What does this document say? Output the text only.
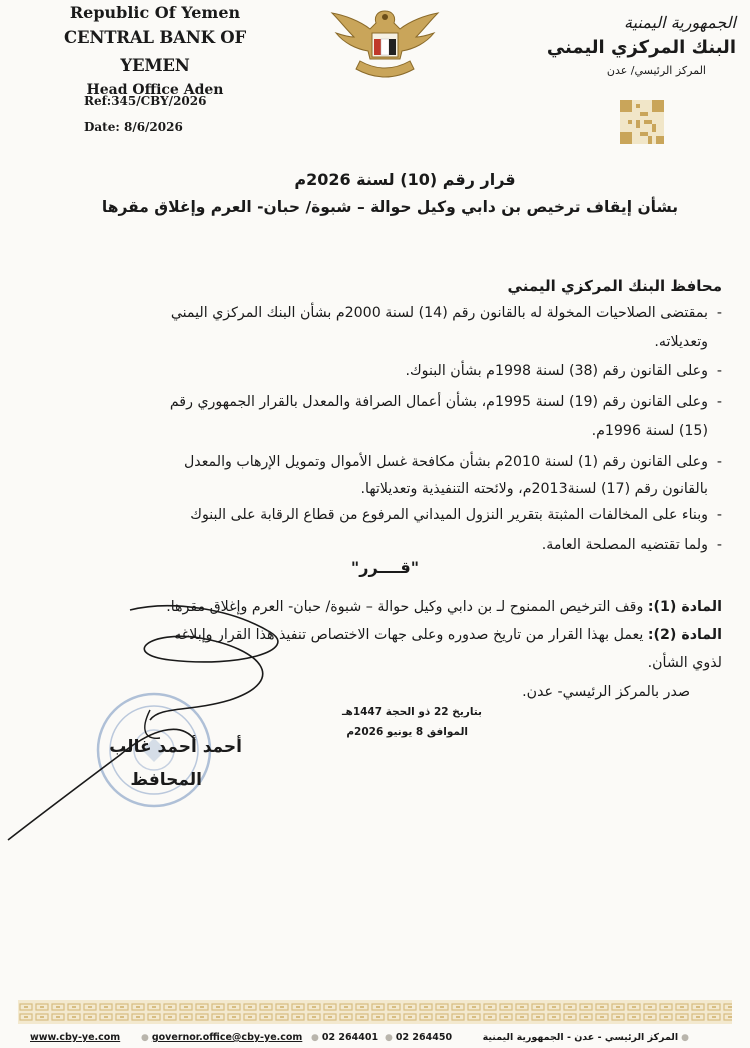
Republic Of Yemen
CENTRAL BANK OF YEMEN
Head Office Aden
Ref:345/CBY/2026
Date: 8/6/2026
الجمهورية اليمنية
البنك المركزي اليمني
المركز الرئيسي/ عدن
قرار رقم (10) لسنة 2026م
بشأن إيقاف ترخيص بن دابي وكيل حوالة – شبوة/ حبان- العرم وإغلاق مقرها
محافظ البنك المركزي اليمني
- بمقتضى الصلاحيات المخولة له بالقانون رقم (14) لسنة 2000م بشأن البنك المركزي اليمني
وتعديلاته.
- وعلى القانون رقم (38) لسنة 1998م بشأن البنوك.
- وعلى القانون رقم (19) لسنة 1995م، بشأن أعمال الصرافة والمعدل بالقرار الجمهوري رقم
(15) لسنة 1996م.
- وعلى القانون رقم (1) لسنة 2010م بشأن مكافحة غسل الأموال وتمويل الإرهاب والمعدل
بالقانون رقم (17) لسنة2013م، ولائحته التنفيذية وتعديلاتها.
- وبناء على المخالفات المثبتة بتقرير النزول الميداني المرفوع من قطاع الرقابة على البنوك
- ولما تقتضيه المصلحة العامة.
"قــــرر"
المادة (1): وقف الترخيص الممنوح لـ بن دابي وكيل حوالة – شبوة/ حبان- العرم وإغلاق مقرها.
المادة (2): يعمل بهذا القرار من تاريخ صدوره وعلى جهات الاختصاص تنفيذ هذا القرار وإبلاغه
لذوي الشأن.
صدر بالمركز الرئيسي- عدن.
بتاريخ 22 ذو الحجة 1447هـ
الموافق 8 يونيو 2026م
أحمد أحمد غالب
المحافظ
www.cby-ye.com	● governor.office@cby-ye.com ● 02 264401 ● 02 264450	●المركز الرئيسي - عدن - الجمهورية اليمنية
